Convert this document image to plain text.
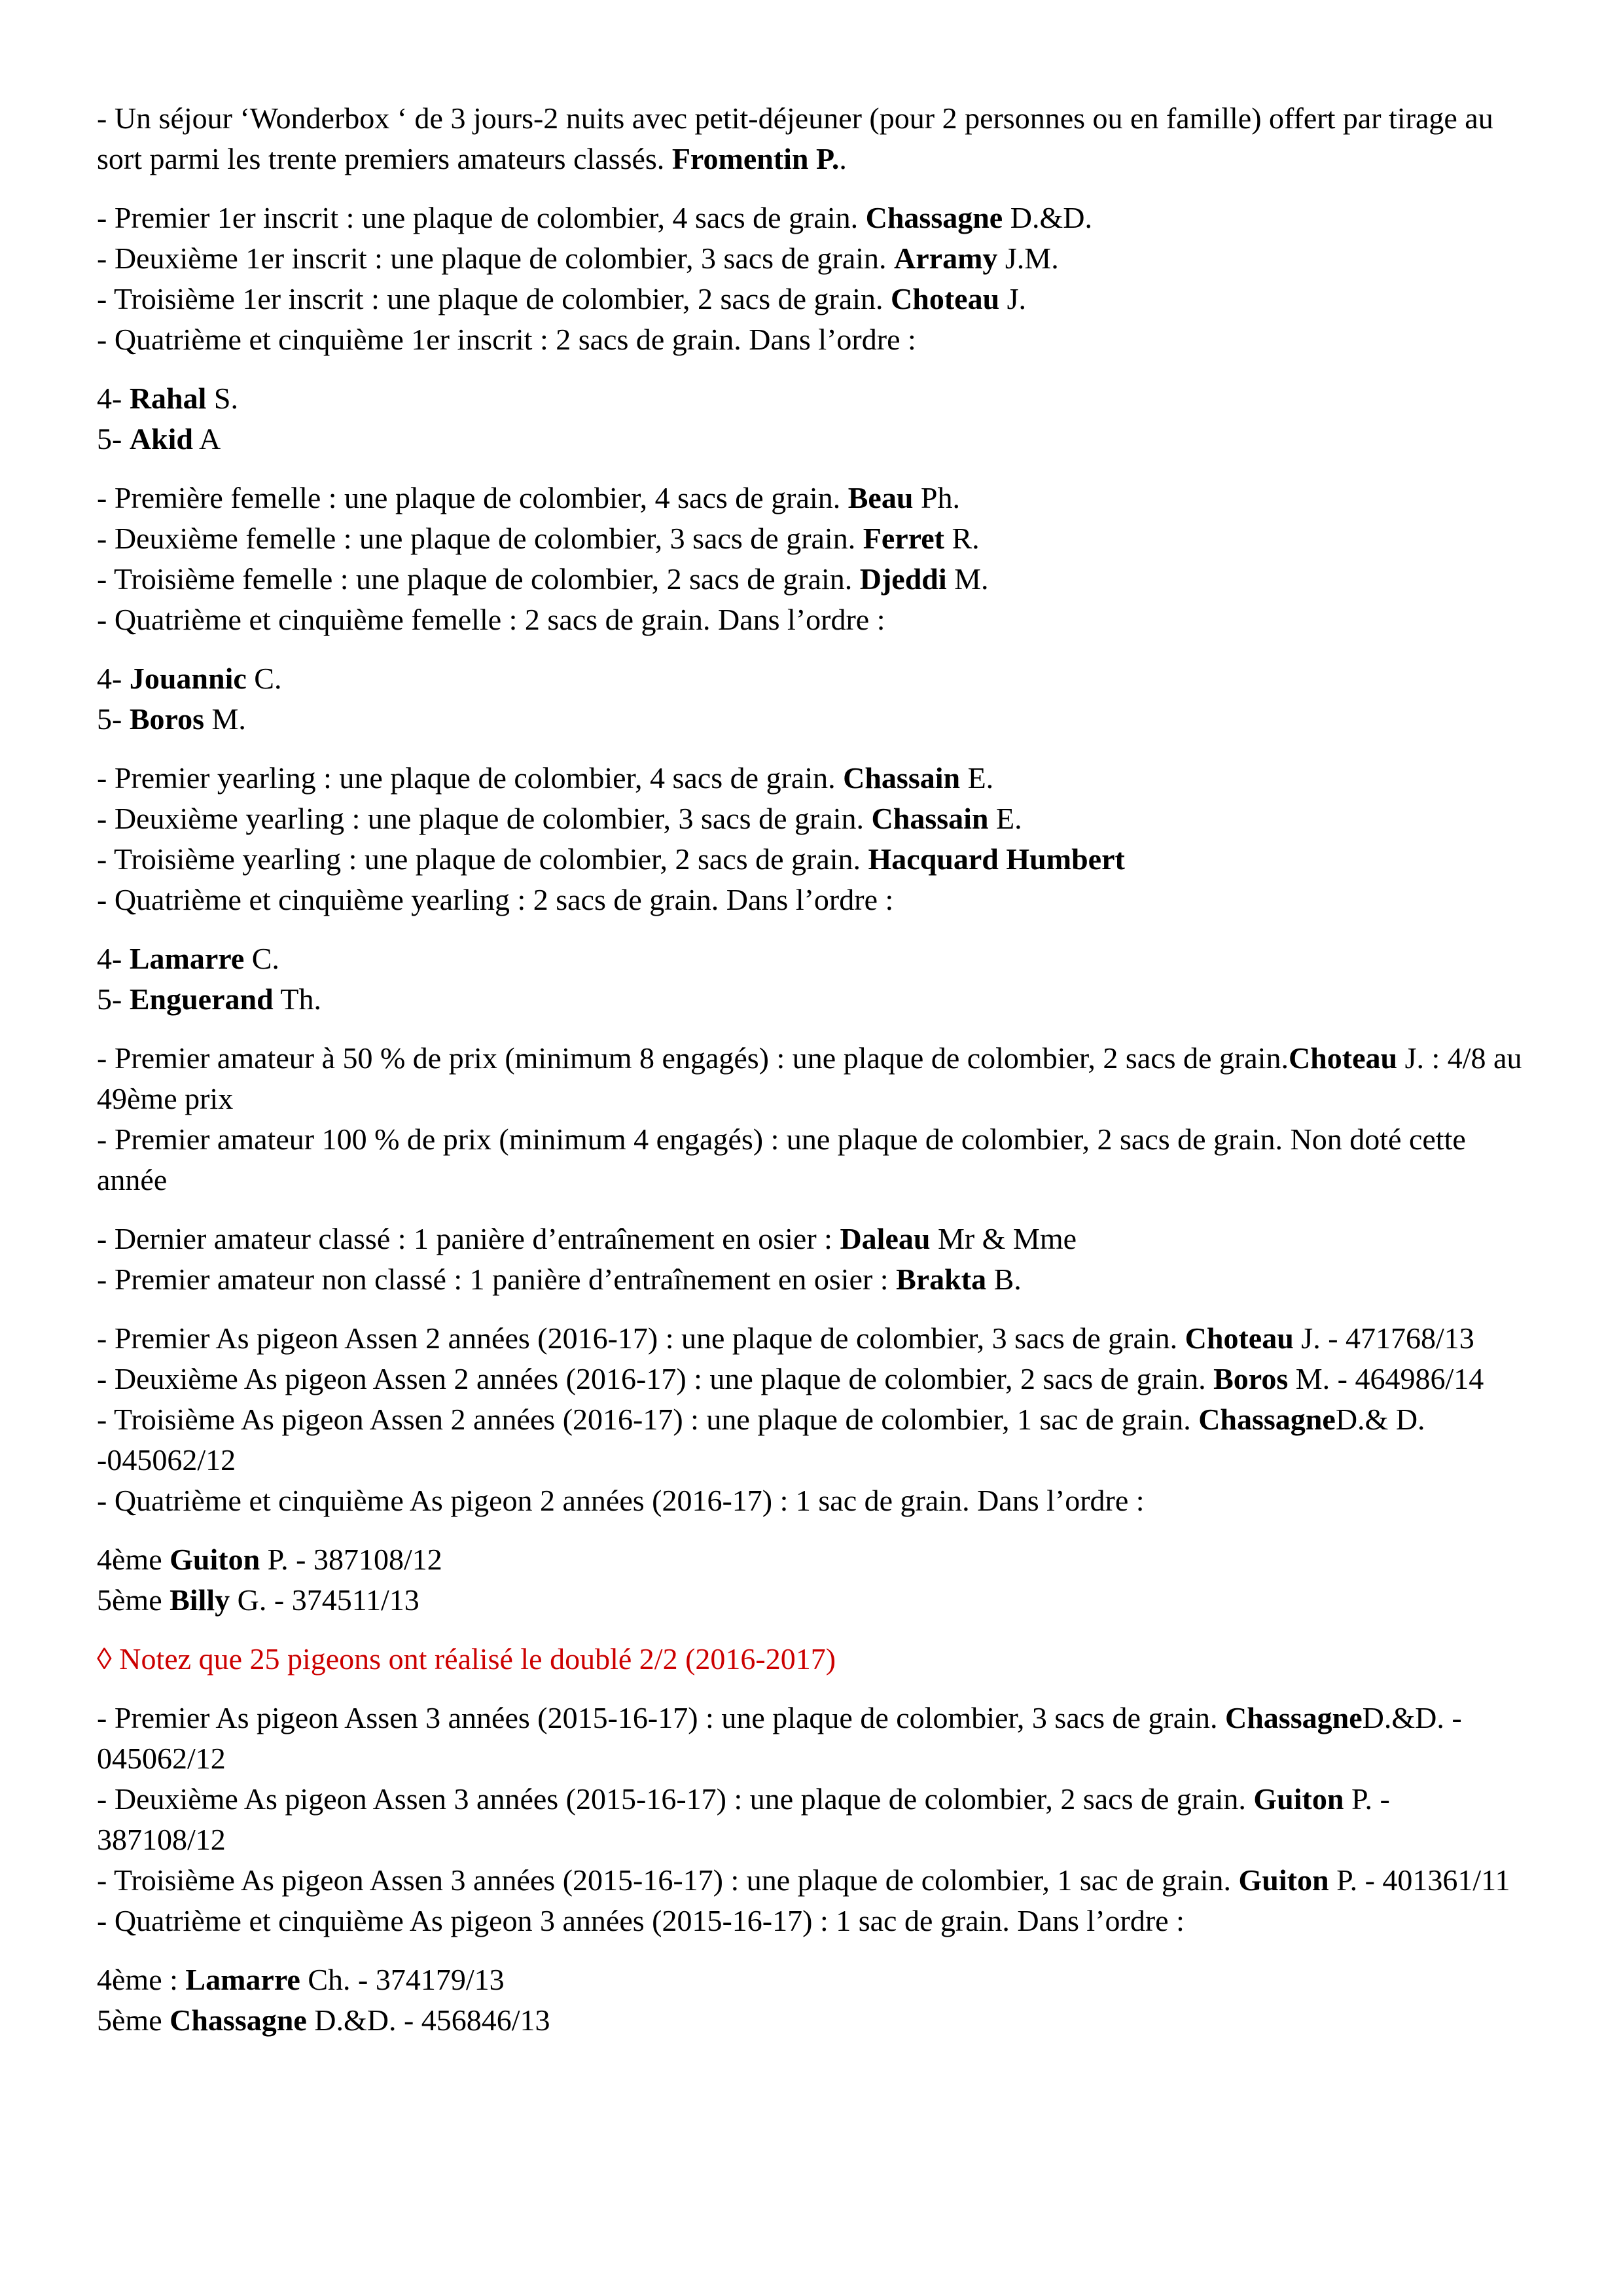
- Un séjour ‘Wonderbox ‘ de 3 jours-2 nuits avec petit-déjeuner (pour 2 personnes ou en famille) offert par tirage au sort parmi les trente premiers amateurs classés. Fromentin P..

- Premier 1er inscrit : une plaque de colombier, 4 sacs de grain. Chassagne D.&D.

- Deuxième 1er inscrit : une plaque de colombier, 3 sacs de grain. Arramy J.M.

- Troisième 1er inscrit : une plaque de colombier, 2 sacs de grain. Choteau J.

- Quatrième et cinquième 1er inscrit : 2 sacs de grain. Dans l’ordre :

4- Rahal S.

5- Akid A

- Première femelle : une plaque de colombier, 4 sacs de grain. Beau Ph.

- Deuxième femelle : une plaque de colombier, 3 sacs de grain. Ferret R.

- Troisième femelle : une plaque de colombier, 2 sacs de grain. Djeddi M.

- Quatrième et cinquième femelle : 2 sacs de grain. Dans l’ordre :

4- Jouannic C.

5- Boros M.

- Premier yearling : une plaque de colombier, 4 sacs de grain. Chassain E.

- Deuxième yearling : une plaque de colombier, 3 sacs de grain. Chassain E.

- Troisième yearling : une plaque de colombier, 2 sacs de grain. Hacquard Humbert

- Quatrième et cinquième yearling : 2 sacs de grain. Dans l’ordre :

4- Lamarre C.

5- Enguerand Th.

- Premier amateur à 50 % de prix (minimum 8 engagés) : une plaque de colombier, 2 sacs de grain.Choteau J. : 4/8 au 49ème prix

- Premier amateur 100 % de prix (minimum 4 engagés) : une plaque de colombier, 2 sacs de grain. Non doté cette année

- Dernier amateur classé : 1 panière d’entraînement en osier : Daleau Mr & Mme

- Premier amateur non classé : 1 panière d’entraînement en osier : Brakta B.

- Premier As pigeon Assen 2 années (2016-17) : une plaque de colombier, 3 sacs de grain. Choteau J. - 471768/13

- Deuxième As pigeon Assen 2 années (2016-17) : une plaque de colombier, 2 sacs de grain. Boros M. - 464986/14

- Troisième As pigeon Assen 2 années (2016-17) : une plaque de colombier, 1 sac de grain. ChassagneD.& D. -045062/12

- Quatrième et cinquième As pigeon 2 années (2016-17) : 1 sac de grain. Dans l’ordre :

4ème Guiton P. - 387108/12

5ème Billy G. - 374511/13

◊ Notez que 25 pigeons ont réalisé le doublé 2/2 (2016-2017)

- Premier As pigeon Assen 3 années (2015-16-17) : une plaque de colombier, 3 sacs de grain. ChassagneD.&D. - 045062/12

- Deuxième As pigeon Assen 3 années (2015-16-17) : une plaque de colombier, 2 sacs de grain. Guiton P. - 387108/12

- Troisième As pigeon Assen 3 années (2015-16-17) : une plaque de colombier, 1 sac de grain. Guiton P. - 401361/11

- Quatrième et cinquième As pigeon 3 années (2015-16-17) : 1 sac de grain. Dans l’ordre :

4ème : Lamarre Ch. - 374179/13

5ème Chassagne D.&D. - 456846/13
